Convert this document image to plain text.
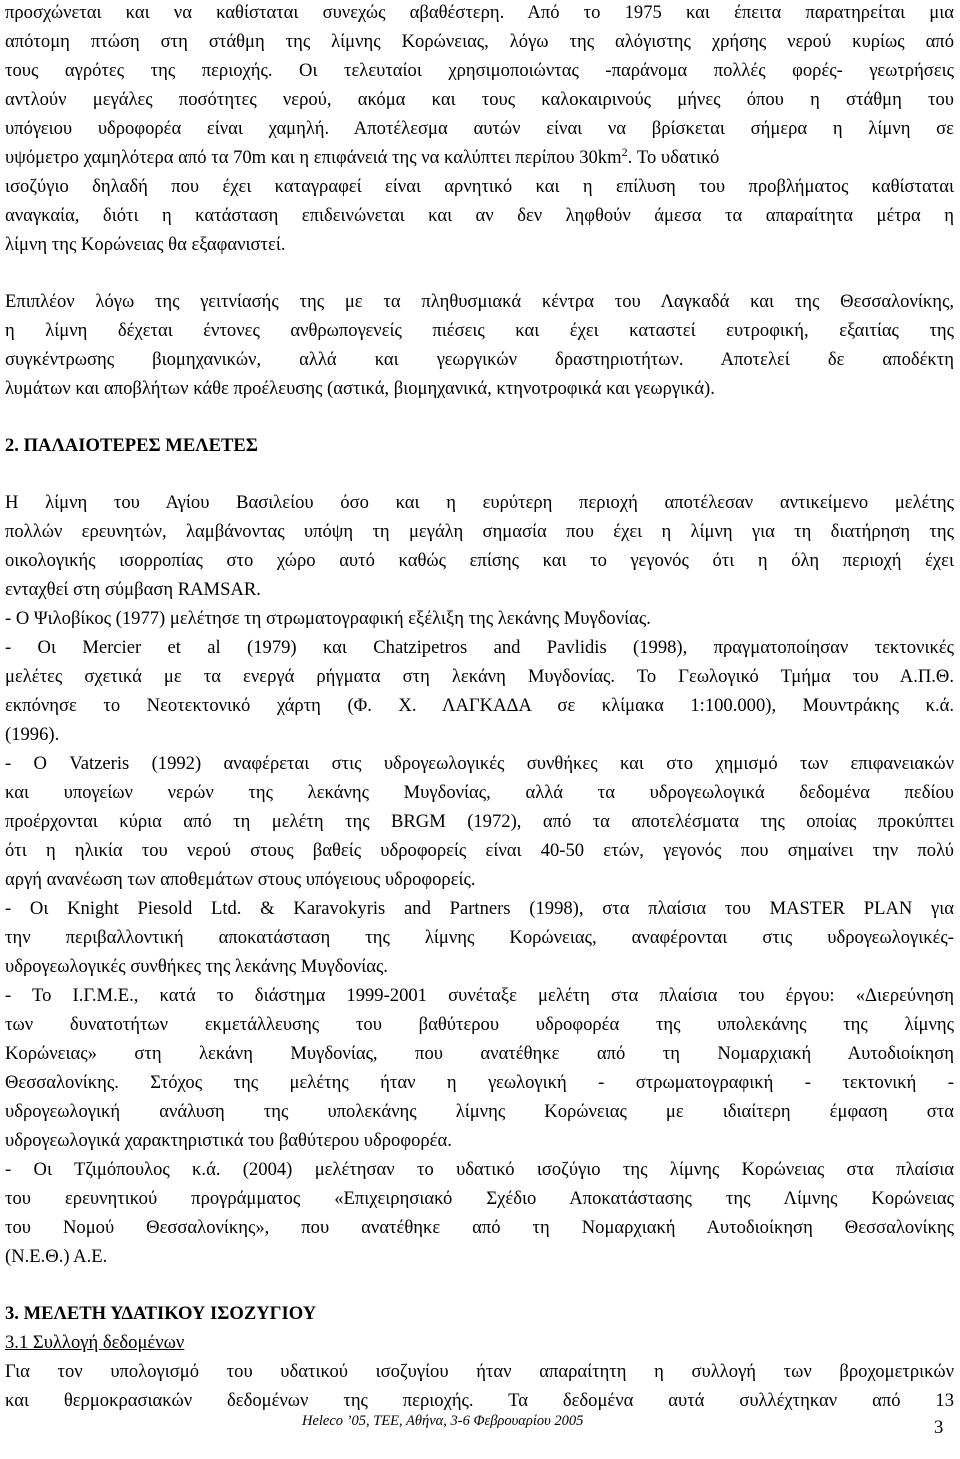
προσχώνεται και να καθίσταται συνεχώς αβαθέστερη. Από το 1975 και έπειτα παρατηρείται μια

απότομη πτώση στη στάθμη της λίμνης Κορώνειας, λόγω της αλόγιστης χρήσης νερού κυρίως από

τους αγρότες της περιοχής. Οι τελευταίοι χρησιμοποιώντας -παράνομα πολλές φορές- γεωτρήσεις

αντλούν μεγάλες ποσότητες νερού, ακόμα και τους καλοκαιρινούς μήνες όπου η στάθμη του

υπόγειου υδροφορέα είναι χαμηλή. Αποτέλεσμα αυτών είναι να βρίσκεται σήμερα η λίμνη σε

υψόμετρο χαμηλότερα από τα 70m και η επιφάνειά της να καλύπτει περίπου $30km^2$. Το υδατικό

ισοζύγιο δηλαδή που έχει καταγραφεί είναι αρνητικό και η επίλυση του προβλήματος καθίσταται

αναγκαία, διότι η κατάσταση επιδεινώνεται και αν δεν ληφθούν άμεσα τα απαραίτητα μέτρα η

λίμνη της Κορώνειας θα εξαφανιστεί.

Επιπλέον λόγω της γειτνίασής της με τα πληθυσμιακά κέντρα του Λαγκαδά και της Θεσσαλονίκης,

η λίμνη δέχεται έντονες ανθρωπογενείς πιέσεις και έχει καταστεί ευτροφική, εξαιτίας της

συγκέντρωσης βιομηχανικών, αλλά και γεωργικών δραστηριοτήτων. Αποτελεί δε αποδέκτη

λυμάτων και αποβλήτων κάθε προέλευσης (αστικά, βιομηχανικά, κτηνοτροφικά και γεωργικά).

2. ΠΑΛΑΙΟΤΕΡΕΣ ΜΕΛΕΤΕΣ

Η λίμνη του Αγίου Βασιλείου όσο και η ευρύτερη περιοχή αποτέλεσαν αντικείμενο μελέτης

πολλών ερευνητών, λαμβάνοντας υπόψη τη μεγάλη σημασία που έχει η λίμνη για τη διατήρηση της

οικολογικής ισορροπίας στο χώρο αυτό καθώς επίσης και το γεγονός ότι η όλη περιοχή έχει

ενταχθεί στη σύμβαση RAMSAR.

- Ο Ψιλοβίκος (1977) μελέτησε τη στρωματογραφική εξέλιξη της λεκάνης Μυγδονίας.

- Οι Mercier et al (1979) και Chatzipetros and Pavlidis (1998), πραγματοποίησαν τεκτονικές

μελέτες σχετικά με τα ενεργά ρήγματα στη λεκάνη Μυγδονίας. Το Γεωλογικό Τμήμα του Α.Π.Θ.

εκπόνησε το Νεοτεκτονικό χάρτη (Φ. Χ. ΛΑΓΚΑΔΑ σε κλίμακα 1:100.000), Μουντράκης κ.ά.

(1996).

- Ο Vatzeris (1992) αναφέρεται στις υδρογεωλογικές συνθήκες και στο χημισμό των επιφανειακών

και υπογείων νερών της λεκάνης Μυγδονίας, αλλά τα υδρογεωλογικά δεδομένα πεδίου

προέρχονται κύρια από τη μελέτη της BRGM (1972), από τα αποτελέσματα της οποίας προκύπτει

ότι η ηλικία του νερού στους βαθείς υδροφορείς είναι 40-50 ετών, γεγονός που σημαίνει την πολύ

αργή ανανέωση των αποθεμάτων στους υπόγειους υδροφορείς.

- Οι Knight Piesold Ltd. & Karavokyris and Partners (1998), στα πλαίσια του MASTER PLAN για

την περιβαλλοντική αποκατάσταση της λίμνης Κορώνειας, αναφέρονται στις υδρογεωλογικές-

υδρογεωλογικές συνθήκες της λεκάνης Μυγδονίας.

- Το Ι.Γ.Μ.Ε., κατά το διάστημα 1999-2001 συνέταξε μελέτη στα πλαίσια του έργου: «Διερεύνηση

των δυνατοτήτων εκμετάλλευσης του βαθύτερου υδροφορέα της υπολεκάνης της λίμνης

Κορώνειας» στη λεκάνη Μυγδονίας, που ανατέθηκε από τη Νομαρχιακή Αυτοδιοίκηση

Θεσσαλονίκης. Στόχος της μελέτης ήταν η γεωλογική - στρωματογραφική - τεκτονική -

υδρογεωλογική ανάλυση της υπολεκάνης λίμνης Κορώνειας με ιδιαίτερη έμφαση στα

υδρογεωλογικά χαρακτηριστικά του βαθύτερου υδροφορέα.

- Οι Τζιμόπουλος κ.ά. (2004) μελέτησαν το υδατικό ισοζύγιο της λίμνης Κορώνειας στα πλαίσια

του ερευνητικού προγράμματος «Επιχειρησιακό Σχέδιο Αποκατάστασης της Λίμνης Κορώνειας

του Νομού Θεσσαλονίκης», που ανατέθηκε από τη Νομαρχιακή Αυτοδιοίκηση Θεσσαλονίκης

(Ν.Ε.Θ.) Α.Ε.

3. ΜΕΛΕΤΗ ΥΔΑΤΙΚΟΥ ΙΣΟΖΥΓΙΟΥ

3.1 Συλλογή δεδομένων

Για τον υπολογισμό του υδατικού ισοζυγίου ήταν απαραίτητη η συλλογή των βροχομετρικών

και θερμοκρασιακών δεδομένων της περιοχής. Τα δεδομένα αυτά συλλέχτηκαν από 13

Heleco ’05, ΤΕΕ, Αθήνα, 3-6 Φεβρουαρίου 2005	3
